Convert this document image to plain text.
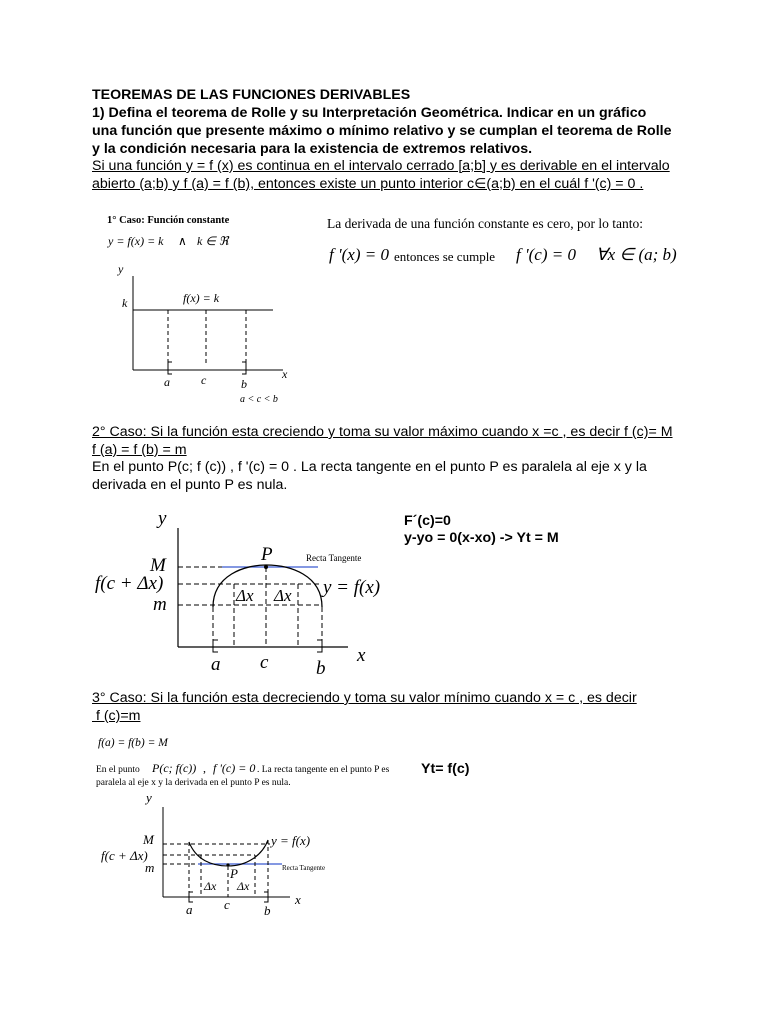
TEOREMAS DE LAS FUNCIONES DERIVABLES
1) Defina el teorema de Rolle y su Interpretación Geométrica. Indicar en un gráfico
una función que presente máximo o mínimo relativo y se cumplan el teorema de Rolle
y la condición necesaria para la existencia de extremos relativos.
Si una función y = f (x) es continua en el intervalo cerrado [a;b] y es derivable en el intervalo
abierto (a;b) y f (a) = f (b), entonces existe un punto interior c∈(a;b) en el cuál f '(c) = 0 .
1° Caso: Función constante
y = f(x) = k ∧ k ∈ ℜ
y
k	f(x) = k
a	c	b
x
a < c < b
La derivada de una función constante es cero, por lo tanto:
f '(x) = 0 entonces se cumple f '(c) = 0 ∀x ∈ (a; b)
2° Caso: Si la función esta creciendo y toma su valor máximo cuando x =c , es decir f (c)= M
f (a) = f (b) = m
En el punto P(c; f (c)) , f '(c) = 0 . La recta tangente en el punto P es paralela al eje x y la
derivada en el punto P es nula.
F´(c)=0
y-yo = 0(x-xo) -> Yt = M
y
x
M
f(c + Δx)
m
P	Recta Tangente
Δx Δx y = f(x)
a c	b
3° Caso: Si la función esta decreciendo y toma su valor mínimo cuando x = c , es decir
f (c)=m
Yt= f(c)
f(a) = f(b) = M
En el punto P(c; f(c)) , f '(c) = 0 . La recta tangente en el punto P es
paralela al eje x y la derivada en el punto P es nula.
y
x
M
f(c + Δx)
m	P	Recta Tangente
Δx Δx
y = f(x)
a c	b
